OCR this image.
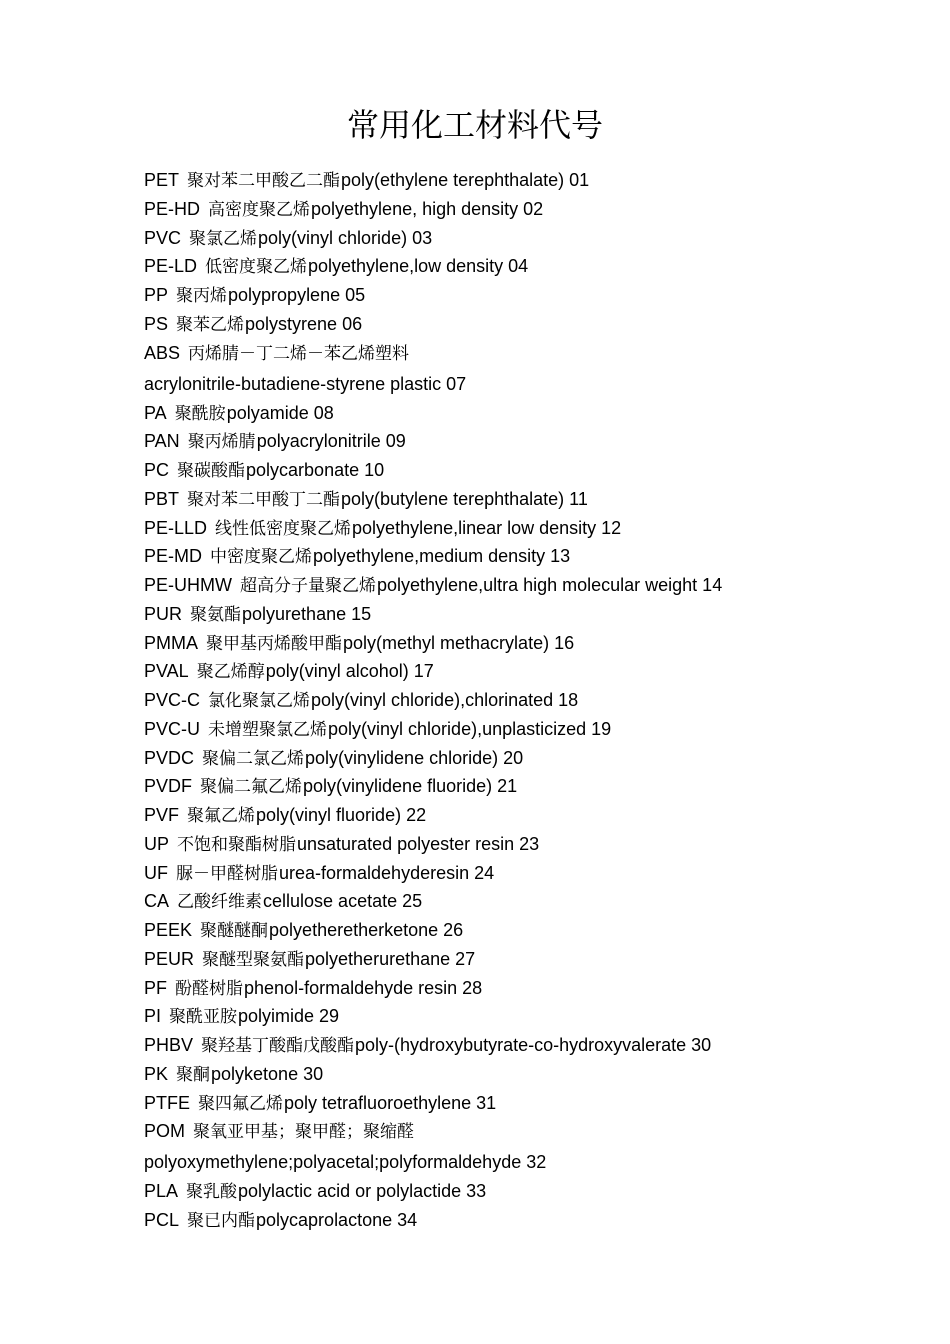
常用化工材料代号
PET 聚对苯二甲酸乙二酯poly(ethylene terephthalate) 01
PE-HD 高密度聚乙烯polyethylene, high density 02
PVC 聚氯乙烯poly(vinyl chloride) 03
PE-LD 低密度聚乙烯polyethylene,low density 04
PP 聚丙烯polypropylene 05
PS 聚苯乙烯polystyrene 06
ABS 丙烯腈－丁二烯－苯乙烯塑料
acrylonitrile-butadiene-styrene plastic 07
PA 聚酰胺polyamide 08
PAN 聚丙烯腈polyacrylonitrile 09
PC 聚碳酸酯polycarbonate 10
PBT 聚对苯二甲酸丁二酯poly(butylene terephthalate) 11
PE-LLD 线性低密度聚乙烯polyethylene,linear low density 12
PE-MD 中密度聚乙烯polyethylene,medium density 13
PE-UHMW 超高分子量聚乙烯polyethylene,ultra high molecular weight 14
PUR 聚氨酯polyurethane 15
PMMA 聚甲基丙烯酸甲酯poly(methyl methacrylate) 16
PVAL 聚乙烯醇poly(vinyl alcohol) 17
PVC-C 氯化聚氯乙烯poly(vinyl chloride),chlorinated 18
PVC-U 未增塑聚氯乙烯poly(vinyl chloride),unplasticized 19
PVDC 聚偏二氯乙烯poly(vinylidene chloride) 20
PVDF 聚偏二氟乙烯poly(vinylidene fluoride) 21
PVF 聚氟乙烯poly(vinyl fluoride) 22
UP 不饱和聚酯树脂unsaturated polyester resin 23
UF 脲－甲醛树脂urea-formaldehyderesin 24
CA 乙酸纤维素cellulose acetate 25
PEEK 聚醚醚酮polyetheretherketone 26
PEUR 聚醚型聚氨酯polyetherurethane 27
PF 酚醛树脂phenol-formaldehyde resin 28
PI 聚酰亚胺polyimide 29
PHBV 聚羟基丁酸酯戊酸酯poly-(hydroxybutyrate-co-hydroxyvalerate 30
PK 聚酮polyketone 30
PTFE 聚四氟乙烯poly tetrafluoroethylene 31
POM 聚氧亚甲基；聚甲醛；聚缩醛
polyoxymethylene;polyacetal;polyformaldehyde 32
PLA 聚乳酸polylactic acid or polylactide 33
PCL 聚已内酯polycaprolactone 34
